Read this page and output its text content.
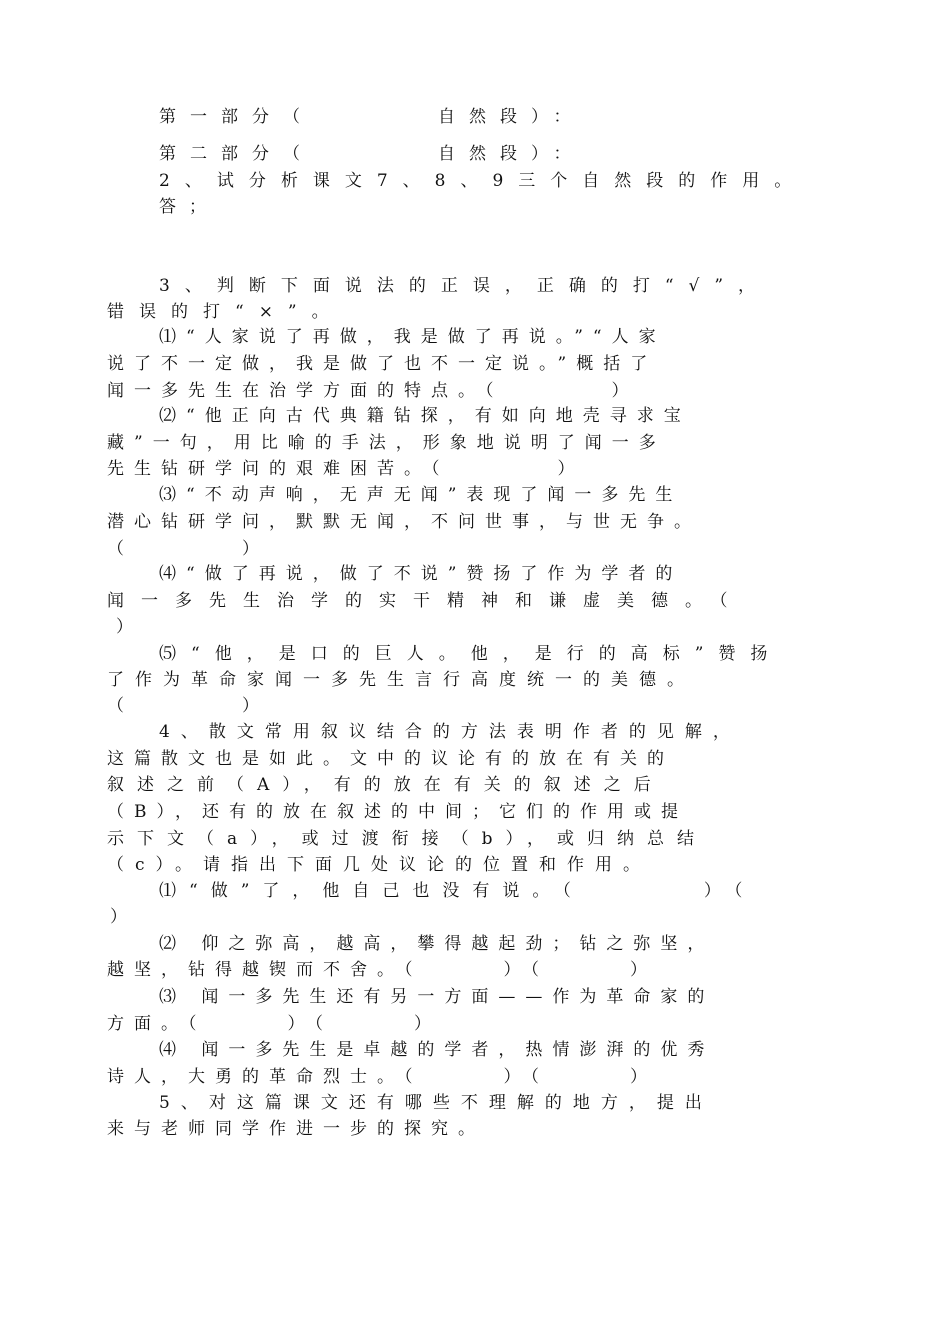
第一部分（　　　　自然段）：
第二部分（　　　　自然段）：
2、试分析课文7、8、9三个自然段的作用。
答；
3、判断下面说法的正误，正确的打“√”，
错误的打“×”。
⑴“人家说了再做，我是做了再说。”“人家
说了不一定做，我是做了也不一定说。”概括了
闻一多先生在治学方面的特点。（　　　　）
⑵“他正向古代典籍钻探，有如向地壳寻求宝
藏”一句，用比喻的手法，形象地说明了闻一多
先生钻研学问的艰难困苦。（　　　　）
⑶“不动声响，无声无闻”表现了闻一多先生
潜心钻研学问，默默无闻，不问世事，与世无争。
（　　　　）
⑷“做了再说，做了不说”赞扬了作为学者的
闻一多先生治学的实干精神和谦虚美德。（
）
⑸“他，是口的巨人。他，是行的高标”赞扬
了作为革命家闻一多先生言行高度统一的美德。
（　　　　）
4、散文常用叙议结合的方法表明作者的见解，
这篇散文也是如此。文中的议论有的放在有关的
叙述之前（A），有的放在有关的叙述之后
（B），还有的放在叙述的中间；它们的作用或提
示下文（a），或过渡衔接（b），或归纳总结
（c）。请指出下面几处议论的位置和作用。
⑴“做”了，他自己也没有说。（　　　　）（
）
⑵ 仰之弥高，越高，攀得越起劲；钻之弥坚，
越坚，钻得越锲而不舍。（　　　）（　　　）
⑶ 闻一多先生还有另一方面——作为革命家的
方面。（　　　）（　　　）
⑷ 闻一多先生是卓越的学者，热情澎湃的优秀
诗人，大勇的革命烈士。（　　　）（　　　）
5、对这篇课文还有哪些不理解的地方，提出
来与老师同学作进一步的探究。
